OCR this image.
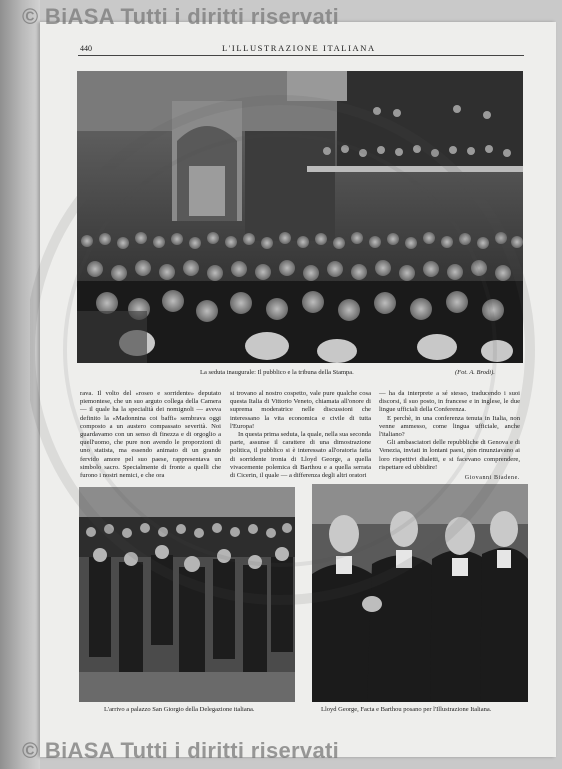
© BiASA Tutti i diritti riservati
440	L'ILLUSTRAZIONE ITALIANA
La seduta inaugurale: Il pubblico e la tribuna della Stampa.	(Fot. A. Brodi).

rava. Il volto del «roseo e sorridente» deputato piemontese, che un suo arguto collega della Camera — il quale ha la specialità dei nomignoli — aveva definito la «Madonnina coi baffi» sembrava oggi composto a un austero compassato severità. Noi guardavamo con un senso di finezza e di orgoglio a quell'uomo, che pure non avendo le proporzioni di uno statista, ma essendo animato di un grande fervido amore pel suo paese, rappresentava un simbolo sacro. Specialmente di fronte a quelli che furono i nostri nemici, e che ora

si trovano al nostro cospetto, vale pure qualche cosa questa Italia di Vittorio Veneto, chiamata all'onore di suprema moderatrice nelle discussioni che interessano la vita economica e civile di tutta l'Europa!

In questa prima seduta, la quale, nella sua seconda parte, assunse il carattere di una dimostrazione politica, il pubblico si è interessato all'oratoria fatta di sorridente ironia di Lloyd George, a quella vivacemente polemica di Barthou e a quella serrata di Cicerin, il quale — a differenza degli altri oratori

— ha da interprete a sé stesso, traducendo i suoi discorsi, il suo posto, in francese e in inglese, le due lingue ufficiali della Conferenza.

E perchè, in una conferenza tenuta in Italia, non venne ammesso, come lingua ufficiale, anche l'italiano?

Gli ambasciatori delle repubbliche di Genova e di Venezia, inviati in lontani paesi, non rinunziavano ai loro rispettivi dialetti, e si facevano comprendere, rispettare ed ubbidire!

Giovanni Biadene.

L'arrivo a palazzo San Giorgio della Delegazione italiana.	Lloyd George, Facta e Barthou posano per l'Illustrazione Italiana.
© BiASA Tutti i diritti riservati
